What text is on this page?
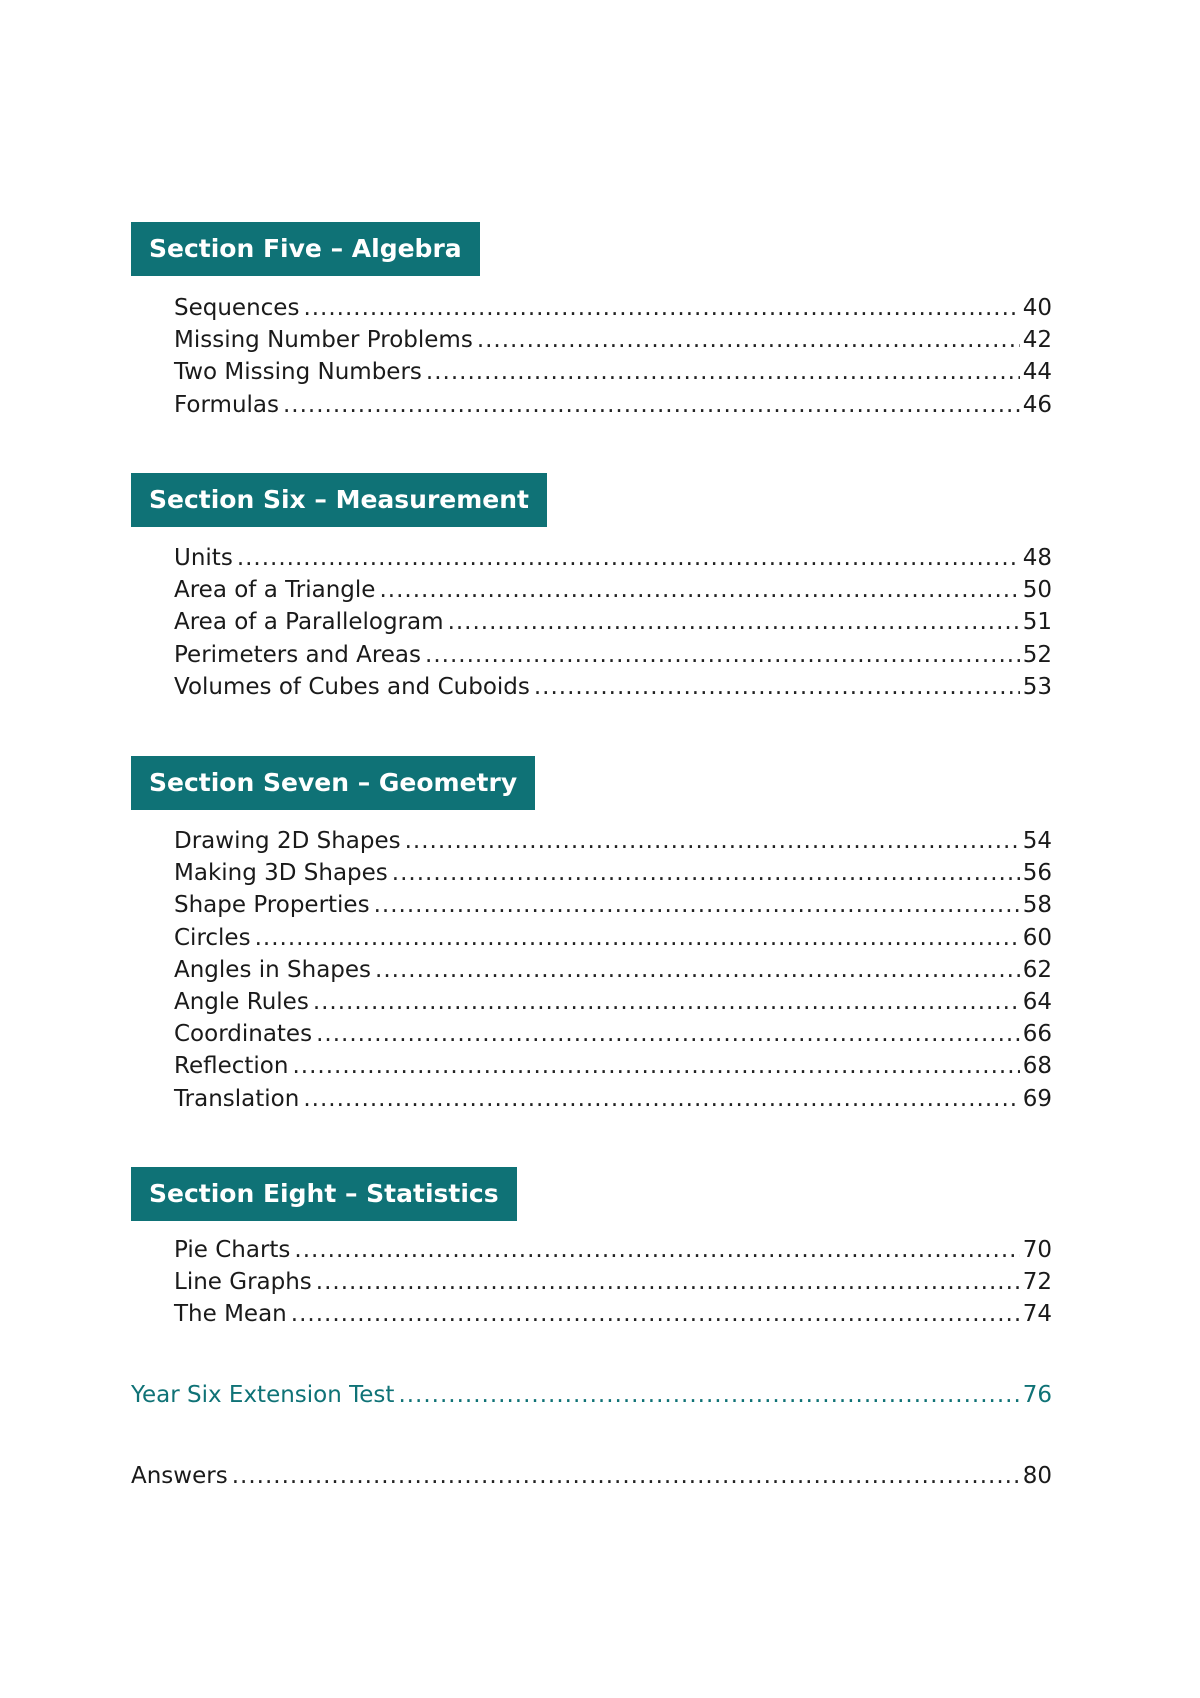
Section Five – Algebra
Sequences .....	40
Missing Number Problems .....	42
Two Missing Numbers .....	44
Formulas .....	46
Section Six – Measurement
Units .....	48
Area of a Triangle .....	50
Area of a Parallelogram .....	51
Perimeters and Areas .....	52
Volumes of Cubes and Cuboids .....	53
Section Seven – Geometry
Drawing 2D Shapes .....	54
Making 3D Shapes .....	56
Shape Properties .....	58
Circles .....	60
Angles in Shapes .....	62
Angle Rules .....	64
Coordinates .....	66
Reflection .....	68
Translation .....	69
Section Eight – Statistics
Pie Charts .....	70
Line Graphs .....	72
The Mean .....	74
Year Six Extension Test .....	76
Answers .....	80
